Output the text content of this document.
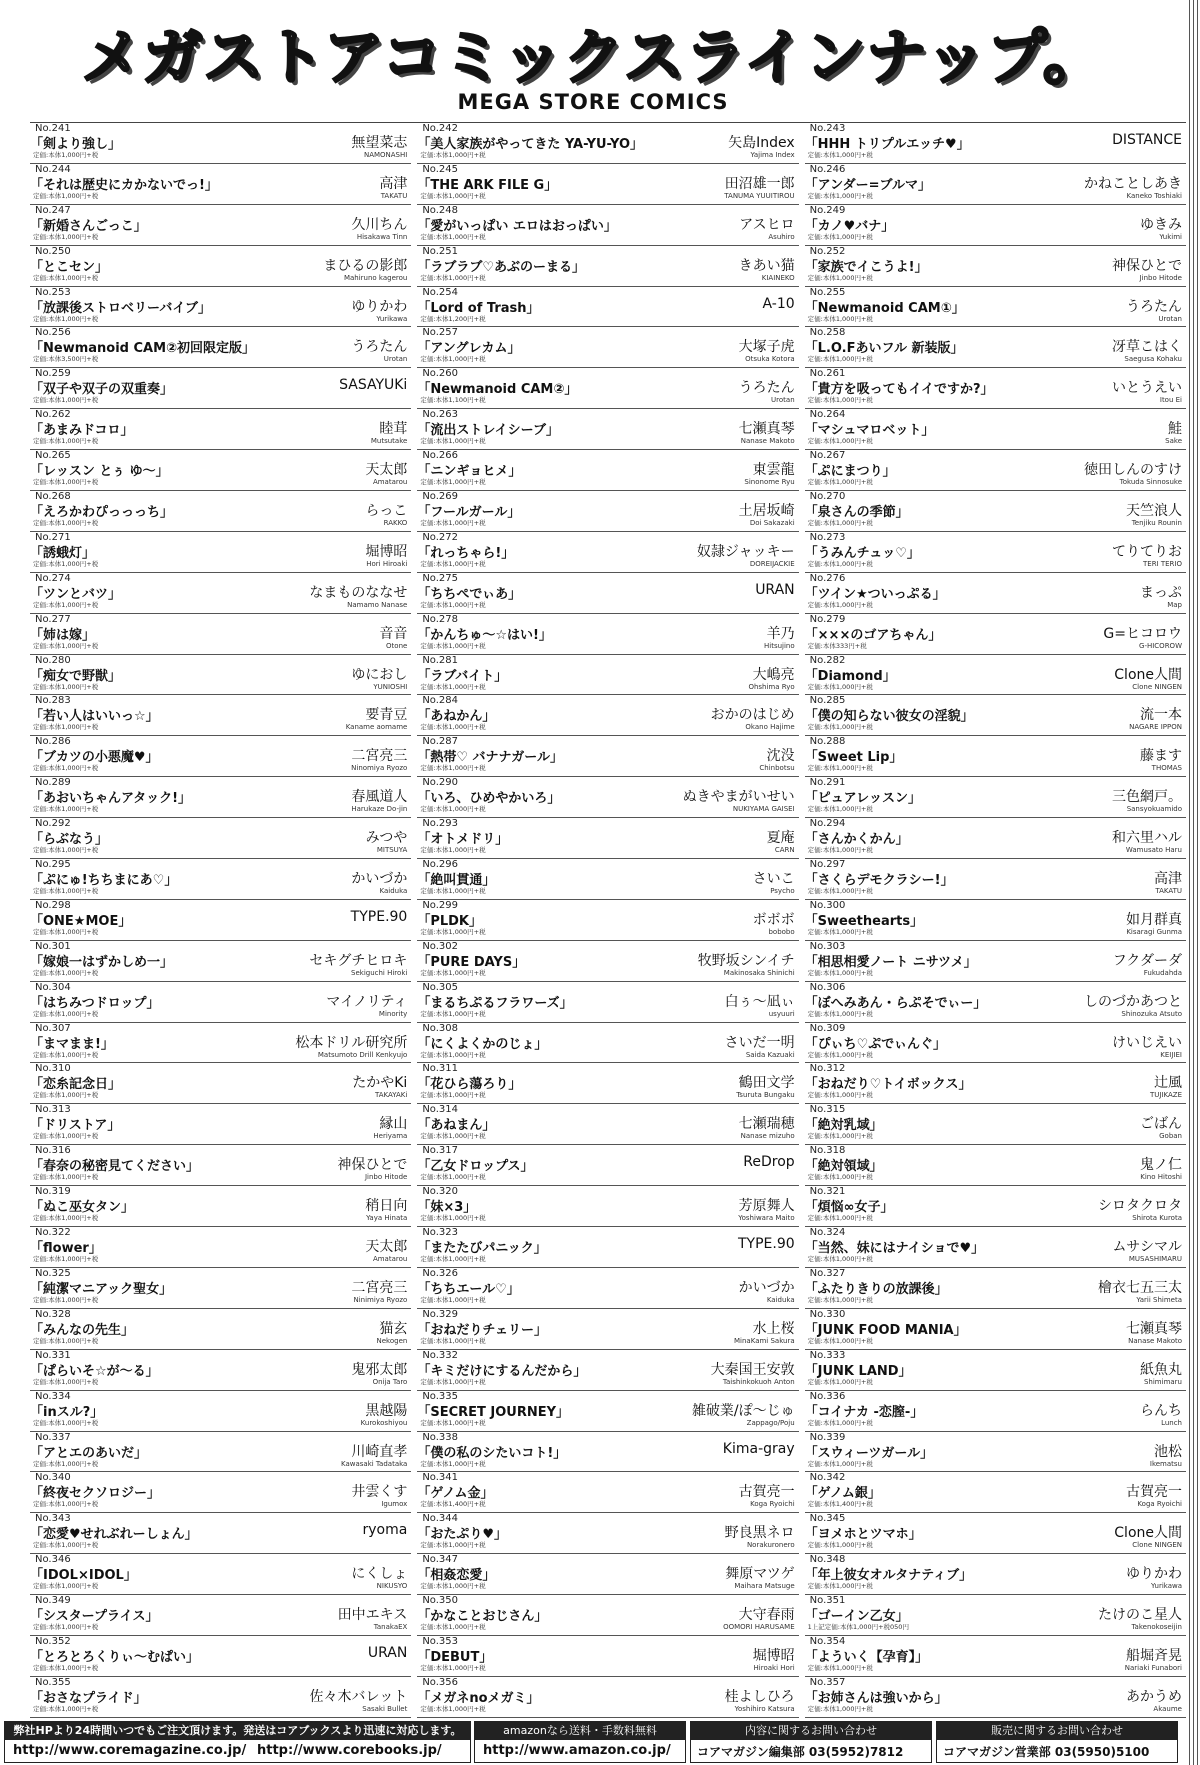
メガストアコミックスラインナップ。
MEGA STORE COMICS
No.241
「剣より強し」
定価:本体1,000円+税
無望菜志
NAMONASHI
No.244
「それは歴史にカかないでっ!」
定価:本体1,000円+税
高津
TAKATU
No.247
「新婚さんごっこ」
定価:本体1,000円+税
久川ちん
Hisakawa Tinn
No.250
「とこセン」
定価:本体1,000円+税
まひるの影郎
Mahiruno kagerou
No.253
「放課後ストロベリーバイブ」
定価:本体1,000円+税
ゆりかわ
Yurikawa
No.256
「Newmanoid CAM②初回限定版」
定価:本体3,500円+税
うろたん
Urotan
No.259
「双子や双子の双重奏」
定価:本体1,000円+税
SASAYUKi
No.262
「あまみドコロ」
定価:本体1,000円+税
睦茸
Mutsutake
No.265
「レッスン とぅ ゆ～」
定価:本体1,000円+税
天太郎
Amatarou
No.268
「えろかわぴっっっち」
定価:本体1,000円+税
らっこ
RAKKO
No.271
「誘蛾灯」
定価:本体1,000円+税
堀博昭
Hori Hiroaki
No.274
「ツンとバツ」
定価:本体1,000円+税
なまものななせ
Namamo Nanase
No.277
「姉は嫁」
定価:本体1,000円+税
音音
Otone
No.280
「痴女で野獣」
定価:本体1,000円+税
ゆにおし
YUNIOSHI
No.283
「若い人はいいっ☆」
定価:本体1,000円+税
要青豆
Kaname aomame
No.286
「ブカツの小悪魔♥」
定価:本体1,000円+税
二宮亮三
Ninomiya Ryozo
No.289
「あおいちゃんアタック!」
定価:本体1,000円+税
春風道人
Harukaze Do-jin
No.292
「らぶなう」
定価:本体1,000円+税
みつや
MITSUYA
No.295
「ぷにゅ!ちちまにあ♡」
定価:本体1,000円+税
かいづか
Kaiduka
No.298
「ONE★MOE」
定価:本体1,000円+税
TYPE.90
No.301
「嫁娘一はずかしめ一」
定価:本体1,000円+税
セキグチヒロキ
Sekiguchi Hiroki
No.304
「はちみつドロップ」
定価:本体1,000円+税
マイノリティ
Minority
No.307
「まマまま!」
定価:本体1,000円+税
松本ドリル研究所
Matsumoto Drill Kenkyujo
No.310
「恋糸記念日」
定価:本体1,000円+税
たかやKi
TAKAYAKi
No.313
「ドリストア」
定価:本体1,000円+税
縁山
Heriyama
No.316
「春奈の秘密見てください」
定価:本体1,000円+税
神保ひとで
Jinbo Hitode
No.319
「ぬこ巫女タン」
定価:本体1,000円+税
稍日向
Yaya Hinata
No.322
「flower」
定価:本体1,000円+税
天太郎
Amatarou
No.325
「純潔マニアック聖女」
定価:本体1,000円+税
二宮亮三
Ninimiya Ryozo
No.328
「みんなの先生」
定価:本体1,000円+税
猫玄
Nekogen
No.331
「ぱらいそ☆が～る」
定価:本体1,000円+税
鬼邪太郎
Onija Taro
No.334
「inスル?」
定価:本体1,000円+税
黒越陽
Kurokoshiyou
No.337
「アとエのあいだ」
定価:本体1,000円+税
川崎直孝
Kawasaki Tadataka
No.340
「終夜セクソロジー」
定価:本体1,000円+税
井雲くす
Igumox
No.343
「恋愛♥せれぶれーしょん」
定価:本体1,000円+税
ryoma
No.346
「IDOL×IDOL」
定価:本体1,000円+税
にくしょ
NIKUSYO
No.349
「シスタープライス」
定価:本体1,000円+税
田中エキス
TanakaEX
No.352
「とろとろくりぃ～むぱい」
定価:本体1,000円+税
URAN
No.355
「おさなプライド」
定価:本体1,000円+税
佐々木バレット
Sasaki Bullet
No.242
「美人家族がやってきた YA-YU-YO」
定価:本体1,000円+税
矢島Index
Yajima Index
No.245
「THE ARK FILE G」
定価:本体1,000円+税
田沼雄一郎
TANUMA YUUITIROU
No.248
「愛がいっぱい エロはおっぱい」
定価:本体1,000円+税
アスヒロ
Asuhiro
No.251
「ラブラブ♡あぶのーまる」
定価:本体1,000円+税
きあい猫
KIAINEKO
No.254
「Lord of Trash」
定価:本体1,200円+税
A-10
No.257
「アングレカム」
定価:本体1,000円+税
大塚子虎
Otsuka Kotora
No.260
「Newmanoid CAM②」
定価:本体1,100円+税
うろたん
Urotan
No.263
「流出ストレイシーブ」
定価:本体1,000円+税
七瀬真琴
Nanase Makoto
No.266
「ニンギョヒメ」
定価:本体1,000円+税
東雲龍
Sinonome Ryu
No.269
「フールガール」
定価:本体1,000円+税
土居坂崎
Doi Sakazaki
No.272
「れっちゃら!」
定価:本体1,000円+税
奴隷ジャッキー
DOREIJACKIE
No.275
「ちちぺでぃあ」
定価:本体1,000円+税
URAN
No.278
「かんちゅ～☆はい!」
定価:本体1,000円+税
羊乃
Hitsujino
No.281
「ラブバイト」
定価:本体1,000円+税
大嶋亮
Ohshima Ryo
No.284
「あねかん」
定価:本体1,000円+税
おかのはじめ
Okano Hajime
No.287
「熱帯♡ バナナガール」
定価:本体1,000円+税
沈没
Chinbotsu
No.290
「いろ、ひめやかいろ」
定価:本体1,000円+税
ぬきやまがいせい
NUKIYAMA GAISEI
No.293
「オトメドリ」
定価:本体1,000円+税
夏庵
CARN
No.296
「絶叫貫通」
定価:本体1,000円+税
さいこ
Psycho
No.299
「PLDK」
定価:本体1,000円+税
ボボボ
bobobo
No.302
「PURE DAYS」
定価:本体1,000円+税
牧野坂シンイチ
Makinosaka Shinichi
No.305
「まるちぷるフラワーズ」
定価:本体1,000円+税
白ぅ～凪ぃ
usyuuri
No.308
「にくよくかのじょ」
定価:本体1,000円+税
さいだ一明
Saida Kazuaki
No.311
「花ひら蕩ろり」
定価:本体1,000円+税
鶴田文学
Tsuruta Bungaku
No.314
「あねまん」
定価:本体1,000円+税
七瀬瑞穂
Nanase mizuho
No.317
「乙女ドロップス」
定価:本体1,000円+税
ReDrop
No.320
「妹×3」
定価:本体1,000円+税
芳原舞人
Yoshiwara Maito
No.323
「またたびパニック」
定価:本体1,000円+税
TYPE.90
No.326
「ちちエール♡」
定価:本体1,000円+税
かいづか
Kaiduka
No.329
「おねだりチェリー」
定価:本体1,000円+税
水上桜
MinaKami Sakura
No.332
「キミだけにするんだから」
定価:本体1,000円+税
大秦国王安敦
Taishinkokuoh Anton
No.335
「SECRET JOURNEY」
定価:本体1,000円+税
雑破業/ぽ～じゅ
Zappago/Poju
No.338
「僕の私のシたいコト!」
定価:本体1,000円+税
Kima-gray
No.341
「ゲノム金」
定価:本体1,400円+税
古賀亮一
Koga Ryoichi
No.344
「おたぷり♥」
定価:本体1,000円+税
野良黒ネロ
Norakuronero
No.347
「相姦恋愛」
定価:本体1,000円+税
舞原マツゲ
Maihara Matsuge
No.350
「かなことおじさん」
定価:本体1,000円+税
大守春雨
OOMORI HARUSAME
No.353
「DEBUT」
定価:本体1,000円+税
堀博昭
Hiroaki Hori
No.356
「メガネnoメガミ」
定価:本体1,000円+税
桂よしひろ
Yoshihiro Katsura
No.243
「HHH トリプルエッチ♥」
定価:本体1,000円+税
DISTANCE
No.246
「アンダー=ブルマ」
定価:本体1,000円+税
かねことしあき
Kaneko Toshiaki
No.249
「カノ♥バナ」
定価:本体1,000円+税
ゆきみ
Yukimi
No.252
「家族でイこうよ!」
定価:本体1,000円+税
神保ひとで
Jinbo Hitode
No.255
「Newmanoid CAM①」
定価:本体1,000円+税
うろたん
Urotan
No.258
「L.O.Fあいフル 新装版」
定価:本体1,000円+税
冴草こはく
Saegusa Kohaku
No.261
「貴方を吸ってもイイですか?」
定価:本体1,000円+税
いとうえい
Itou Ei
No.264
「マシュマロベット」
定価:本体1,000円+税
鮭
Sake
No.267
「ぷにまつり」
定価:本体1,000円+税
徳田しんのすけ
Tokuda Sinnosuke
No.270
「泉さんの季節」
定価:本体1,000円+税
天竺浪人
Tenjiku Rounin
No.273
「うみんチュッ♡」
定価:本体1,000円+税
てりてりお
TERI TERIO
No.276
「ツイン★ついっぷる」
定価:本体1,000円+税
まっぷ
Map
No.279
「×××のゴアちゃん」
定価:本体333円+税
G=ヒコロウ
G-HICOROW
No.282
「Diamond」
定価:本体1,000円+税
Clone人間
Clone NINGEN
No.285
「僕の知らない彼女の淫貌」
定価:本体1,000円+税
流一本
NAGARE IPPON
No.288
「Sweet Lip」
定価:本体1,000円+税
藤ます
THOMAS
No.291
「ピュアレッスン」
定価:本体1,000円+税
三色網戸。
Sansyokuamido
No.294
「さんかくかん」
定価:本体1,000円+税
和六里ハル
Wamusato Haru
No.297
「さくらデモクラシー!」
定価:本体1,000円+税
高津
TAKATU
No.300
「Sweethearts」
定価:本体1,000円+税
如月群真
Kisaragi Gunma
No.303
「相思相愛ノート ニサツメ」
定価:本体1,000円+税
フクダーダ
Fukudahda
No.306
「ぼへみあん・らぷそでぃー」
定価:本体1,000円+税
しのづかあつと
Shinozuka Atsuto
No.309
「ぴぃち♡ぷでぃんぐ」
定価:本体1,000円+税
けいじえい
KEIJIEI
No.312
「おねだり♡トイボックス」
定価:本体1,000円+税
辻風
TUJIKAZE
No.315
「絶対乳域」
定価:本体1,000円+税
ごばん
Goban
No.318
「絶対領域」
定価:本体1,000円+税
鬼ノ仁
Kino Hitoshi
No.321
「煩悩∞女子」
定価:本体1,000円+税
シロタクロタ
Shirota Kurota
No.324
「当然、妹にはナイショで♥」
定価:本体1,000円+税
ムサシマル
MUSASHIMARU
No.327
「ふたりきりの放課後」
定価:本体1,000円+税
檜衣七五三太
Yarii Shimeta
No.330
「JUNK FOOD MANIA」
定価:本体1,000円+税
七瀬真琴
Nanase Makoto
No.333
「JUNK LAND」
定価:本体1,000円+税
紙魚丸
Shimimaru
No.336
「コイナカ -恋膣-」
定価:本体1,000円+税
らんち
Lunch
No.339
「スウィーツガール」
定価:本体1,000円+税
池松
Ikematsu
No.342
「ゲノム銀」
定価:本体1,400円+税
古賀亮一
Koga Ryoichi
No.345
「ヨメホとツマホ」
定価:本体1,000円+税
Clone人間
Clone NINGEN
No.348
「年上彼女オルタナティブ」
定価:本体1,000円+税
ゆりかわ
Yurikawa
No.351
「ゴーイン乙女」
1上記定価:本体1,000円+税050円
たけのこ星人
Takenokoseijin
No.354
「よういく【孕育】」
定価:本体1,000円+税
船堀斉晃
Nariaki Funabori
No.357
「お姉さんは強いから」
定価:本体1,000円+税
あかうめ
Akaume
弊社HPより24時間いつでもご注文頂けます。発送はコアブックスより迅速に対応します。
http://www.coremagazine.co.jp/ http://www.corebooks.jp/
amazonなら送料・手数料無料
http://www.amazon.co.jp/
内容に関するお問い合わせ
コアマガジン編集部 03(5952)7812
販売に関するお問い合わせ
コアマガジン営業部 03(5950)5100
